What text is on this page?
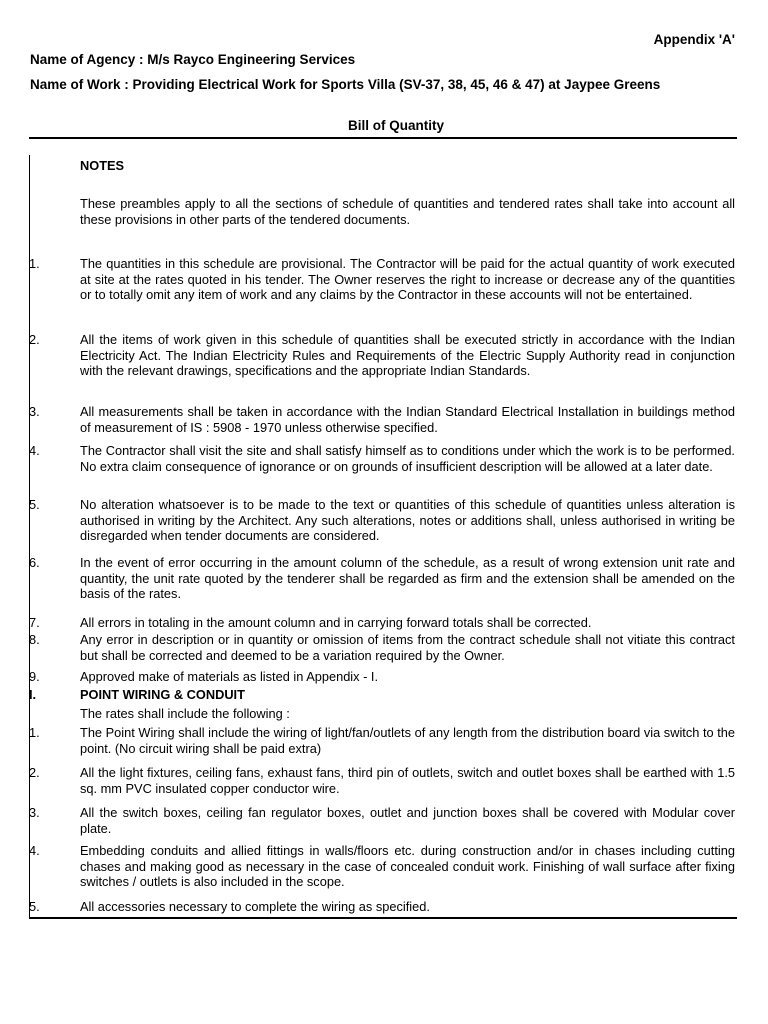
Appendix 'A'
Name of Agency : M/s Rayco Engineering Services
Name of Work : Providing Electrical Work for Sports Villa (SV-37, 38, 45, 46 & 47) at Jaypee Greens
Bill of Quantity
NOTES
These preambles apply to all the sections of schedule of quantities and tendered rates shall take into account all these provisions in other parts of the tendered documents.
1.	The quantities in this schedule are provisional. The Contractor will be paid for the actual quantity of work executed at site at the rates quoted in his tender. The Owner reserves the right to increase or decrease any of the quantities or to totally omit any item of work and any claims by the Contractor in these accounts will not be entertained.
2.	All the items of work given in this schedule of quantities shall be executed strictly in accordance with the Indian Electricity Act. The Indian Electricity Rules and Requirements of the Electric Supply Authority read in conjunction with the relevant drawings, specifications and the appropriate Indian Standards.
3.	All measurements shall be taken in accordance with the Indian Standard Electrical Installation in buildings method of measurement of IS : 5908 - 1970 unless otherwise specified.
4.	The Contractor shall visit the site and shall satisfy himself as to conditions under which the work is to be performed. No extra claim consequence of ignorance or on grounds of insufficient description will be allowed at a later date.
5.	No alteration whatsoever is to be made to the text or quantities of this schedule of quantities unless alteration is authorised in writing by the Architect. Any such alterations, notes or additions shall, unless authorised in writing be disregarded when tender documents are considered.
6.	In the event of error occurring in the amount column of the schedule, as a result of wrong extension unit rate and quantity, the unit rate quoted by the tenderer shall be regarded as firm and the extension shall be amended on the basis of the rates.
7.	All errors in totaling in the amount column and in carrying forward totals shall be corrected.
8.	Any error in description or in quantity or omission of items from the contract schedule shall not vitiate this contract but shall be corrected and deemed to be a variation required by the Owner.
9.	Approved make of materials as listed in Appendix - I.
I.	POINT WIRING & CONDUIT
The rates shall include the following :
1.	The Point Wiring shall include the wiring of light/fan/outlets of any length from the distribution board via switch to the point. (No circuit wiring shall be paid extra)
2.	All the light fixtures, ceiling fans, exhaust fans, third pin of outlets, switch and outlet boxes shall be earthed with 1.5 sq. mm PVC insulated copper conductor wire.
3.	All the switch boxes, ceiling fan regulator boxes, outlet and junction boxes shall be covered with Modular cover plate.
4.	Embedding conduits and allied fittings in walls/floors etc. during construction and/or in chases including cutting chases and making good as necessary in the case of concealed conduit work. Finishing of wall surface after fixing switches / outlets is also included in the scope.
5.	All accessories necessary to complete the wiring as specified.
